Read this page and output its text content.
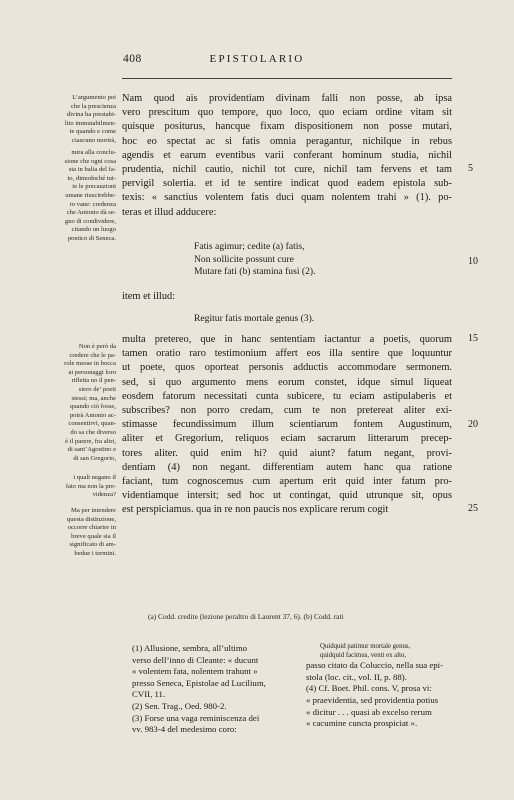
408	EPISTOLARIO
L’argumento poi
che la prescienza
divina ha prestabi-
lito immutabilmen-
te quando e come
ciascuno morirà,
mira alla conclu-
sione che ogni cosa
sta in balia del fa-
to, dimodoché tut-
te le precauzioni
umane riuscirebbe-
ro vane: credenza
che Antonio dà se-
gno di condividere,
citando un luogo
poetico di Seneca.
Non è però da
credere che le pa-
role messe in bocca
ai personaggi loro
rifletta no il pen-
siero de’ poeti
stessi; ma, anche
quando ciò fosse,
potrà Antonio ac-
consentirvi, quan-
do sa che diverso
è il parere, fra altri,
di sant’Agostino e
di san Gregorio,
i quali negano il
fato ma non la pre-
videnza?
Ma per intendere
questa distinzione,
occorre chiarire in
breve quale sia il
significato di am-
bedue i termini.
Nam quod ais providentiam divinam falli non posse, ab ipsa
vero prescitum quo tempore, quo loco, quo eciam ordine vitam sit
quisque positurus, hancque fixam dispositionem non posse mutari,
hoc eo spectat ac si fatis omnia peragantur, nichilque in rebus
agendis et earum eventibus varii conferant hominum studia, nichil
prudentia, nichil cautio, nichil tot cure, nichil tam fervens et tam
pervigil solertia. et id te sentire indicat quod eadem epistola sub-
texis: « sanctius volentem fatis duci quam nolentem trahi » (1). po-
teras et illud adducere:
Fatis agimur; cedite (a) fatis,
Non sollicite possunt cure
Mutare fati (b) stamina fusi (2).
item et illud:
Regitur fatis mortale genus (3).
multa pretereo, que in hanc sententiam iactantur a poetis, quorum
tamen oratio raro testimonium affert eos illa sentire que loquuntur
ut poete, quos oporteat personis adductis accommodare sermonem.
sed, si quo argumento mens eorum constet, idque simul liqueat
eosdem fatorum necessitati cunta subicere, tu eciam astipulaberis et
subscribes? non porro credam, cum te non pretereat aliter exi-
stimasse fecundissimum illum scientiarum fontem Augustinum,
aliter et Gregorium, reliquos eciam sacrarum litterarum precep-
tores aliter. quid enim hi? quid aiunt? fatum negant, provi-
dentiam (4) non negant. differentiam autem hanc qua ratione
faciant, tum cognoscemus cum apertum erit quid inter fatum pro-
videntiamque intersit; sed hoc ut contingat, quid utrunque sit, opus
est perspiciamus. qua in re non paucis nos explicare rerum cogit
5
10
15
20
25
(a) Codd. credite (lezione peraltro di Laurent 37, 6). (b) Codd. rati
(1) Allusione, sembra, all’ultimo
verso dell’inno di Cleante: « ducunt
« volentem fata, nolentem trahunt »
presso Seneca, Epistolae ad Lucilium,
CVII, 11.
(2) Sen. Trag., Oed. 980-2.
(3) Forse una vaga reminiscenza dei
vv. 983-4 del medesimo coro:
Quidquid patimur mortale genus,
quidquid facimus, venit ex alto,
passo citato da Coluccio, nella sua epi-
stola (loc. cit., vol. II, p. 88).
(4) Cf. Boet. Phil. cons. V, prosa vi:
« praevidentia, sed providentia potius
« dicitur . . . quasi ab excelso rerum
« cacumine cuncta prospiciat ».
